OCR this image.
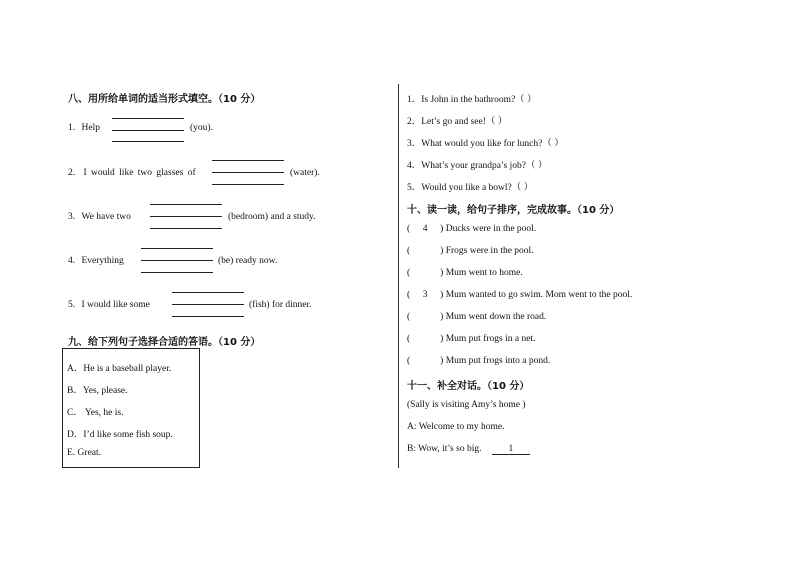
八、用所给单词的适当形式填空。（10 分）
1. Help	(you).
2. I would like two glasses of	(water).
3. We have two	(bedroom) and a study.
4. Everything	(be) ready now.
5. I would like some	(fish) for dinner.
九、给下列句子选择合适的答语。（10 分）
A．He is a baseball player.
B．Yes, please.
C． Yes, he is.
D．I’d like some fish soup.
E. Great.
1．Is John in the bathroom?（ ）
2．Let’s go and see!（ ）
3．What would you like for lunch?（ ）
4．What’s your grandpa’s job?（ ）
5．Would you like a bowl?（ ）
十、读一读，给句子排序，完成故事。（10 分）
( 4 ) Ducks were in the pool.
(	) Frogs were in the pool.
(	) Mum went to home.
( 3 ) Mum wanted to go swim. Mom went to the pool.
(	) Mum went down the road.
(	) Mum put frogs in a net.
(	) Mum put frogs into a pond.
十一、补全对话。（10 分）
(Sally is visiting Amy’s home )
A: Welcome to my home.
B: Wow, it’s so big.	1
